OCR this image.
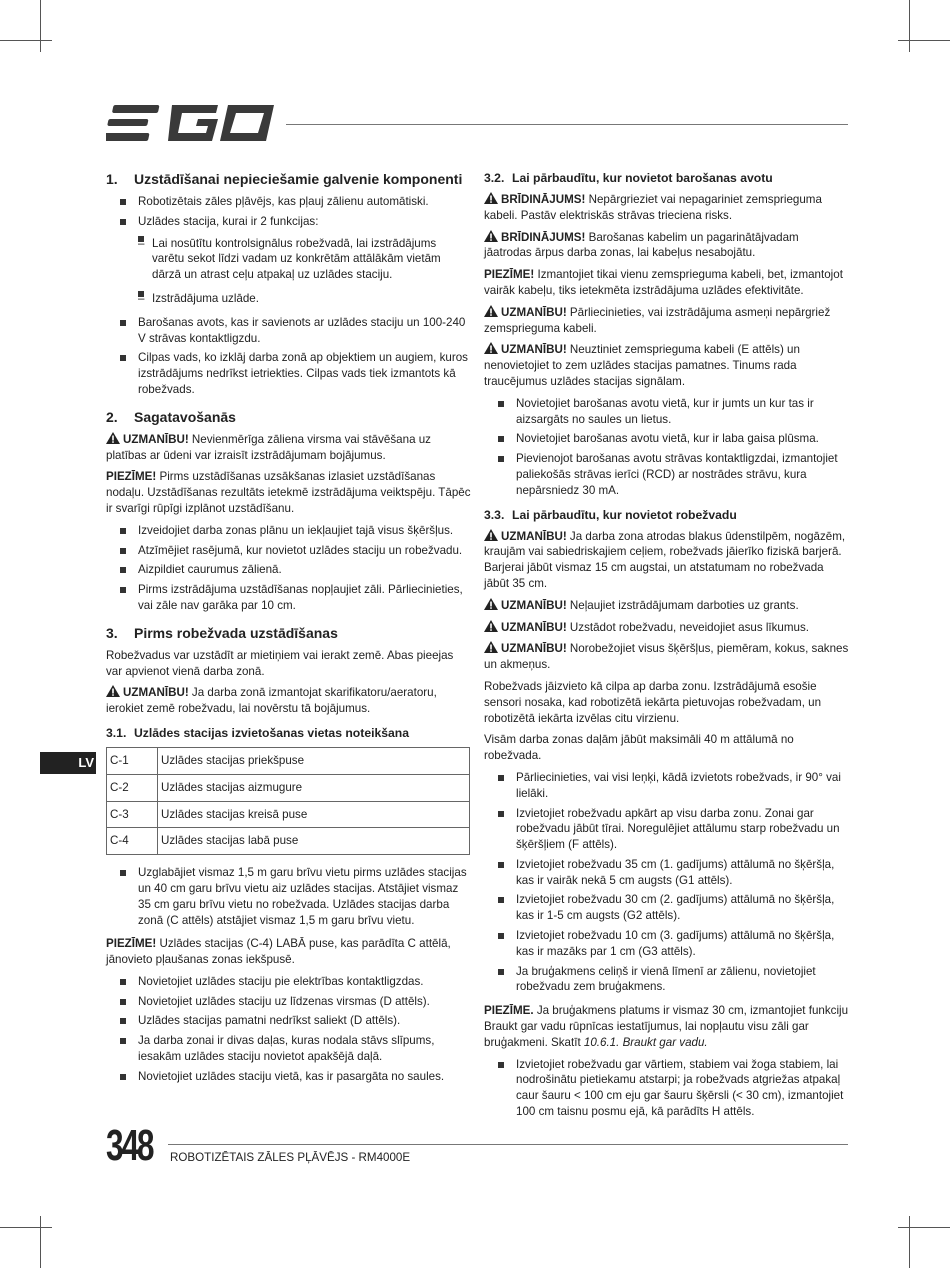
1. Uzstādīšanai nepieciešamie galvenie komponenti
Robotizētais zāles pļāvējs, kas pļauj zālienu automātiski.
Uzlādes stacija, kurai ir 2 funkcijas:
– Lai nosūtītu kontrolsignālus robežvadā, lai izstrādājums varētu sekot līdzi vadam uz konkrētām attālākām vietām dārzā un atrast ceļu atpakaļ uz uzlādes staciju.
– Izstrādājuma uzlāde.
Barošanas avots, kas ir savienots ar uzlādes staciju un 100-240 V strāvas kontaktligzdu.
Cilpas vads, ko izklāj darba zonā ap objektiem un augiem, kuros izstrādājums nedrīkst ietriekties. Cilpas vads tiek izmantots kā robežvads.
2. Sagatavošanās

UZMANĪBU! Nevienmērīga zāliena virsma vai stāvēšana uz platības ar ūdeni var izraisīt izstrādājumam bojājumus.

PIEZĪME! Pirms uzstādīšanas uzsākšanas izlasiet uzstādīšanas nodaļu. Uzstādīšanas rezultāts ietekmē izstrādājuma veiktspēju. Tāpēc ir svarīgi rūpīgi izplānot uzstādīšanu.

Izveidojiet darba zonas plānu un iekļaujiet tajā visus šķēršļus.
Atzīmējiet rasējumā, kur novietot uzlādes staciju un robežvadu.
Aizpildiet caurumus zālienā.
Pirms izstrādājuma uzstādīšanas nopļaujiet zāli. Pārliecinieties, vai zāle nav garāka par 10 cm.
3. Pirms robežvada uzstādīšanas

Robežvadus var uzstādīt ar mietiņiem vai ierakt zemē. Abas pieejas var apvienot vienā darba zonā.

UZMANĪBU! Ja darba zonā izmantojat skarifikatoru/aeratoru, ierokiet zemē robežvadu, lai novērstu tā bojājumus.

3.1. Uzlādes stacijas izvietošanas vietas noteikšana
C-1	Uzlādes stacijas priekšpuse
C-2	Uzlādes stacijas aizmugure
C-3	Uzlādes stacijas kreisā puse
C-4	Uzlādes stacijas labā puse
Uzglabājiet vismaz 1,5 m garu brīvu vietu pirms uzlādes stacijas un 40 cm garu brīvu vietu aiz uzlādes stacijas. Atstājiet vismaz 35 cm garu brīvu vietu no robežvada. Uzlādes stacijas darba zonā (C attēls) atstājiet vismaz 1,5 m garu brīvu vietu.

PIEZĪME! Uzlādes stacijas (C-4) LABĀ puse, kas parādīta C attēlā, jānovieto pļaušanas zonas iekšpusē.

Novietojiet uzlādes staciju pie elektrības kontaktligzdas.
Novietojiet uzlādes staciju uz līdzenas virsmas (D attēls).
Uzlādes stacijas pamatni nedrīkst saliekt (D attēls).
Ja darba zonai ir divas daļas, kuras nodala stāvs slīpums, iesakām uzlādes staciju novietot apakšējā daļā.
Novietojiet uzlādes staciju vietā, kas ir pasargāta no saules.
3.2. Lai pārbaudītu, kur novietot barošanas avotu

BRĪDINĀJUMS! Nepārgrieziet vai nepagariniet zemsprieguma kabeli. Pastāv elektriskās strāvas trieciena risks.

BRĪDINĀJUMS! Barošanas kabelim un pagarinātājvadam jāatrodas ārpus darba zonas, lai kabeļus nesabojātu.

PIEZĪME! Izmantojiet tikai vienu zemsprieguma kabeli, bet, izmantojot vairāk kabeļu, tiks ietekmēta izstrādājuma uzlādes efektivitāte.

UZMANĪBU! Pārliecinieties, vai izstrādājuma asmeņi nepārgriež zemsprieguma kabeli.

UZMANĪBU! Neuztiniet zemsprieguma kabeli (E attēls) un nenovietojiet to zem uzlādes stacijas pamatnes. Tinums rada traucējumus uzlādes stacijas signālam.

Novietojiet barošanas avotu vietā, kur ir jumts un kur tas ir aizsargāts no saules un lietus.
Novietojiet barošanas avotu vietā, kur ir laba gaisa plūsma.
Pievienojot barošanas avotu strāvas kontaktligzdai, izmantojiet paliekošās strāvas ierīci (RCD) ar nostrādes strāvu, kura nepārsniedz 30 mA.
3.3. Lai pārbaudītu, kur novietot robežvadu

UZMANĪBU! Ja darba zona atrodas blakus ūdenstilpēm, nogāzēm, kraujām vai sabiedriskajiem ceļiem, robežvads jāierīko fiziskā barjerā. Barjerai jābūt vismaz 15 cm augstai, un atstatumam no robežvada jābūt 35 cm.

UZMANĪBU! Neļaujiet izstrādājumam darboties uz grants.

UZMANĪBU! Uzstādot robežvadu, neveidojiet asus līkumus.

UZMANĪBU! Norobežojiet visus šķēršļus, piemēram, kokus, saknes un akmeņus.

Robežvads jāizvieto kā cilpa ap darba zonu. Izstrādājumā esošie sensori nosaka, kad robotizētā iekārta pietuvojas robežvadam, un robotizētā iekārta izvēlas citu virzienu.

Visām darba zonas daļām jābūt maksimāli 40 m attālumā no robežvada.

Pārliecinieties, vai visi leņķi, kādā izvietots robežvads, ir 90° vai lielāki.
Izvietojiet robežvadu apkārt ap visu darba zonu. Zonai gar robežvadu jābūt tīrai. Noregulējiet attālumu starp robežvadu un šķēršļiem (F attēls).
Izvietojiet robežvadu 35 cm (1. gadījums) attālumā no šķēršļa, kas ir vairāk nekā 5 cm augsts (G1 attēls).
Izvietojiet robežvadu 30 cm (2. gadījums) attālumā no šķēršļa, kas ir 1-5 cm augsts (G2 attēls).
Izvietojiet robežvadu 10 cm (3. gadījums) attālumā no šķēršļa, kas ir mazāks par 1 cm (G3 attēls).
Ja bruģakmens celiņš ir vienā līmenī ar zālienu, novietojiet robežvadu zem bruģakmens.

PIEZĪME. Ja bruģakmens platums ir vismaz 30 cm, izmantojiet funkciju Braukt gar vadu rūpnīcas iestatījumus, lai nopļautu visu zāli gar bruģakmeni. Skatīt 10.6.1. Braukt gar vadu.

Izvietojiet robežvadu gar vārtiem, stabiem vai žoga stabiem, lai nodrošinātu pietiekamu atstarpi; ja robežvads atgriežas atpakaļ caur šauru < 100 cm eju gar šauru šķērsli (< 30 cm), izmantojiet 100 cm taisnu posmu ejā, kā parādīts H attēls.
LV
348 ROBOTIZĒTAIS ZĀLES PĻĀVĒJS - RM4000E
